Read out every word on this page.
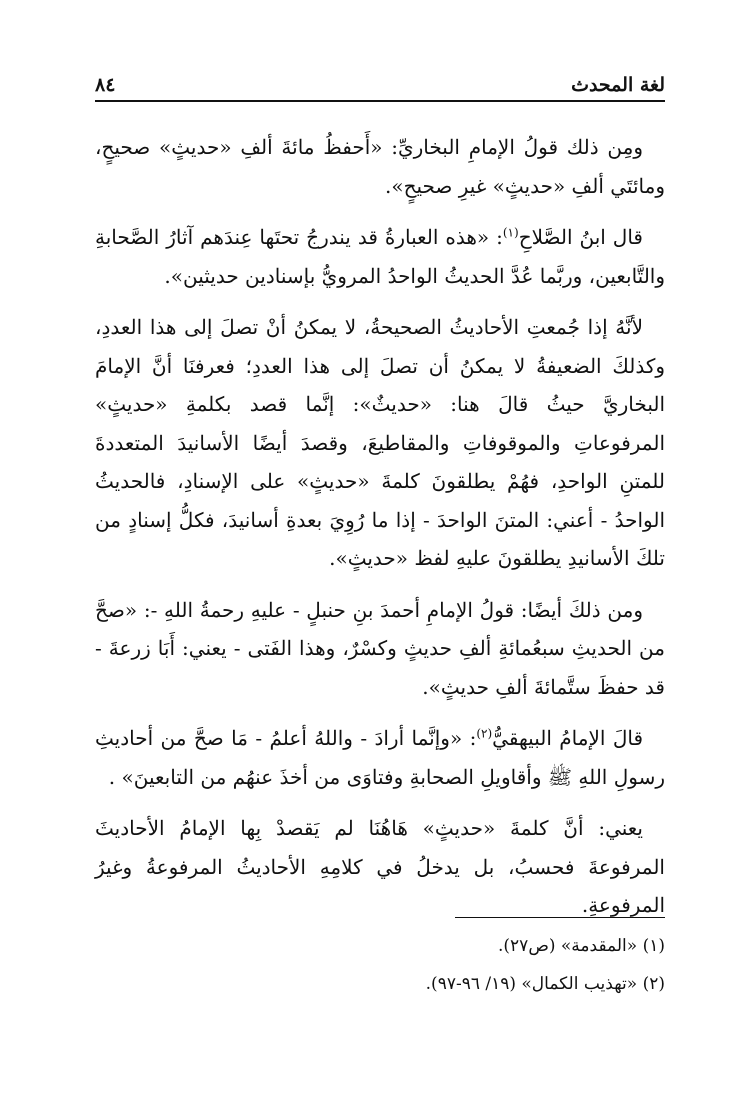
لغة المحدث
٨٤

ومِن ذلك قولُ الإمامِ البخاريِّ: «أَحفظُ مائةَ ألفِ «حديثٍ» صحيحٍ، ومائتَي ألفِ «حديثٍ» غيرِ صحيحٍ».

قال ابنُ الصَّلاحِ$^{(١)}$: «هذه العبارةُ قد يندرجُ تحتَها عِندَهم آثارُ الصَّحابةِ والتَّابعين، وربَّما عُدَّ الحديثُ الواحدُ المرويُّ بإسنادين حديثين».

لأنَّهُ إذا جُمعتِ الأحاديثُ الصحيحةُ، لا يمكنُ أنْ تصلَ إلى هذا العددِ، وكذلكَ الضعيفةُ لا يمكنُ أن تصلَ إلى هذا العددِ؛ فعرفنَا أنَّ الإمامَ البخاريَّ حيثُ قالَ هنا: «حديثٌ»: إنَّما قصد بكلمةِ «حديثٍ» المرفوعاتِ والموقوفاتِ والمقاطيعَ، وقصدَ أيضًا الأسانيدَ المتعددةَ للمتنِ الواحدِ، فهُمْ يطلقونَ كلمةَ «حديثٍ» على الإسنادِ، فالحديثُ الواحدُ - أعني: المتنَ الواحدَ - إذا ما رُوِيَ بعدةِ أسانيدَ، فكلُّ إسنادٍ من تلكَ الأسانيدِ يطلقونَ عليهِ لفظ «حديثٍ».

ومن ذلكَ أيضًا: قولُ الإمامِ أحمدَ بنِ حنبلٍ - عليهِ رحمةُ اللهِ -: «صحَّ من الحديثِ سبعُمائةِ ألفِ حديثٍ وكسْرٌ، وهذا الفَتى - يعني: أَبَا زرعةَ - قد حفظَ ستَّمائةَ ألفِ حديثٍ».

قالَ الإمامُ البيهقيُّ$^{(٢)}$: «وإنَّما أرادَ - واللهُ أعلمُ - مَا صحَّ من أحاديثِ رسولِ اللهِ ﷺ وأقاويلِ الصحابةِ وفتاوَى من أخذَ عنهُم من التابعينَ» .

يعني: أنَّ كلمةَ «حديثٍ» هَاهُنَا لم يَقصدْ بِها الإمامُ الأحاديثَ المرفوعةَ فحسبُ، بل يدخلُ في كلامِهِ الأحاديثُ المرفوعةُ وغيرُ المرفوعةِ.

(١) «المقدمة» (ص٢٧).

(٢) «تهذيب الكمال» (١٩/ ٩٦-٩٧).
